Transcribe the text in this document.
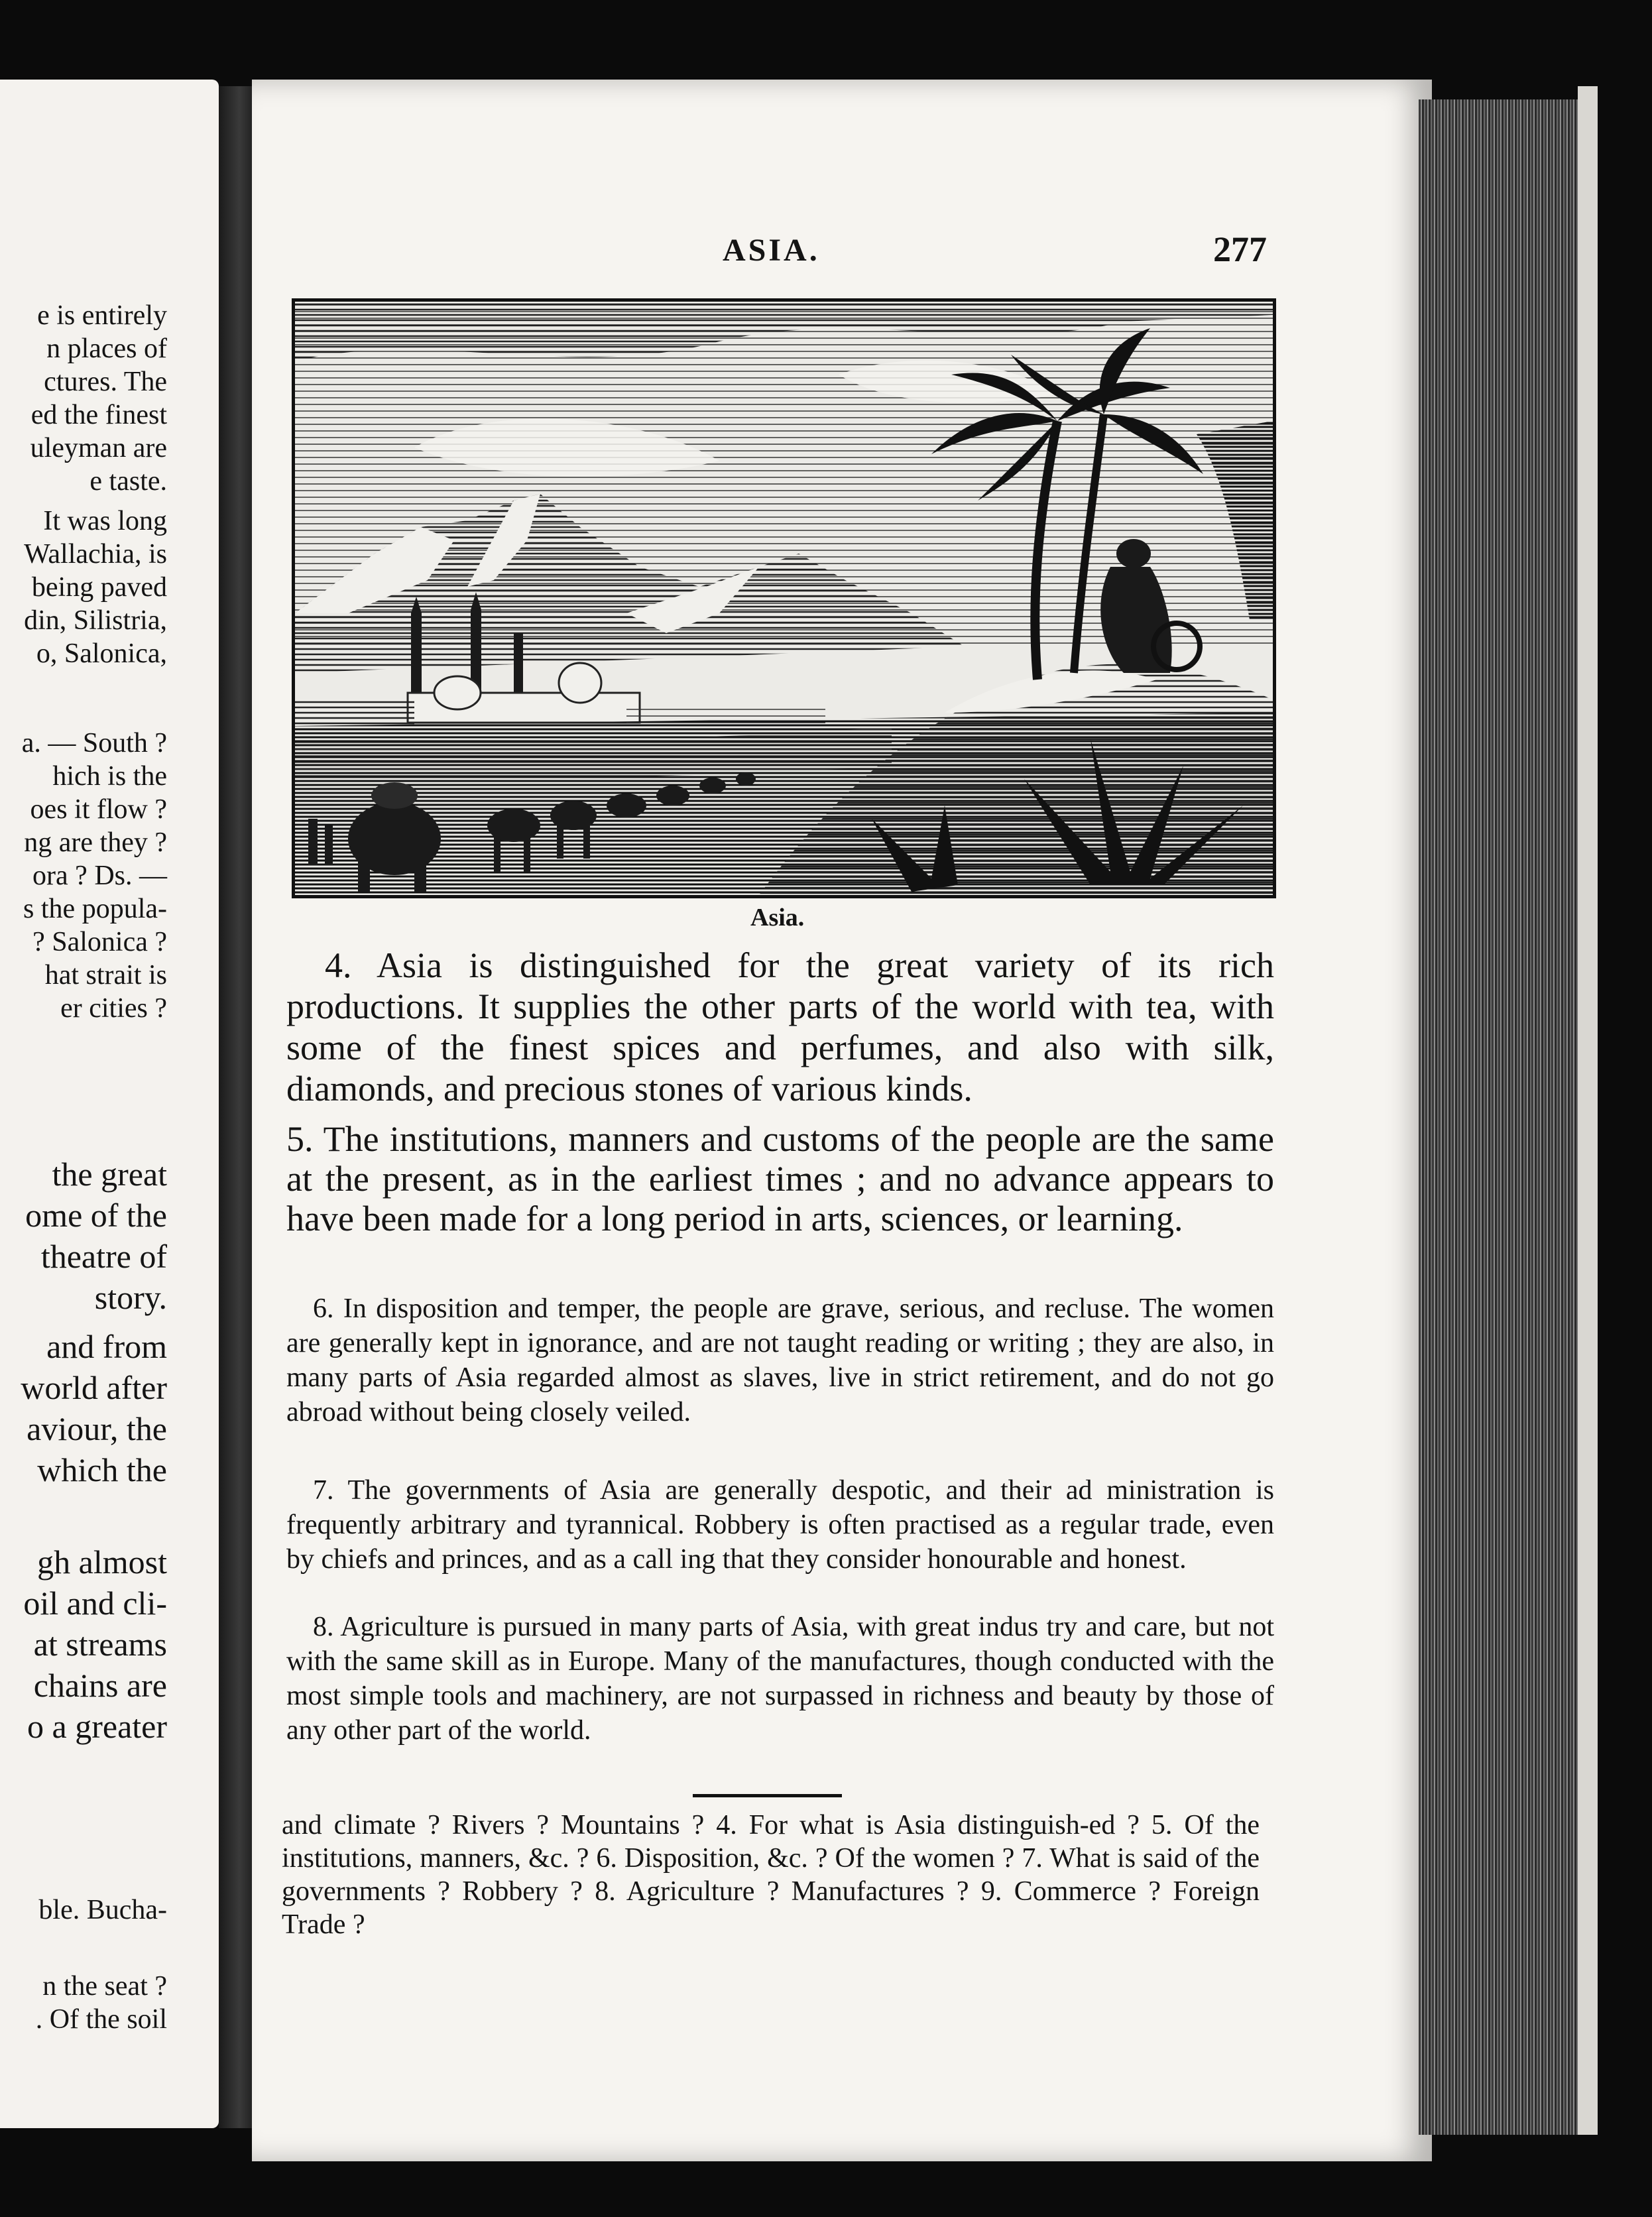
e is entirely
n places of
ctures. The
ed the finest
uleyman are
e taste.
It was long
Wallachia, is
being paved
din, Silistria,
o, Salonica,
a. — South ?
hich is the
oes it flow ?
ng are they ?
ora ? Ds. —
s the popula-
? Salonica ?
hat strait is
er cities ?
the great
ome of the
theatre of
story.
and from
world after
aviour, the
which the
gh almost
oil and cli-
at streams
chains are
o a greater
ble. Bucha-
n the seat ?
. Of the soil
ASIA.	277
Asia.

4. Asia is distinguished for the great variety of its rich productions. It supplies the other parts of the world with tea, with some of the finest spices and perfumes, and also with silk, diamonds, and precious stones of various kinds.

5. The institutions, manners and customs of the people are the same at the present, as in the earliest times ; and no advance appears to have been made for a long period in arts, sciences, or learning.

6. In disposition and temper, the people are grave, serious, and recluse. The women are generally kept in ignorance, and are not taught reading or writing ; they are also, in many parts of Asia regarded almost as slaves, live in strict retirement, and do not go abroad without being closely veiled.

7. The governments of Asia are generally despotic, and their ad ministration is frequently arbitrary and tyrannical. Robbery is often practised as a regular trade, even by chiefs and princes, and as a call ing that they consider honourable and honest.

8. Agriculture is pursued in many parts of Asia, with great indus try and care, but not with the same skill as in Europe. Many of the manufactures, though conducted with the most simple tools and machinery, are not surpassed in richness and beauty by those of any other part of the world.

and climate ? Rivers ? Mountains ? 4. For what is Asia distinguish-ed ? 5. Of the institutions, manners, &c. ? 6. Disposition, &c. ? Of the women ? 7. What is said of the governments ? Robbery ? 8. Agriculture ? Manufactures ? 9. Commerce ? Foreign Trade ?
